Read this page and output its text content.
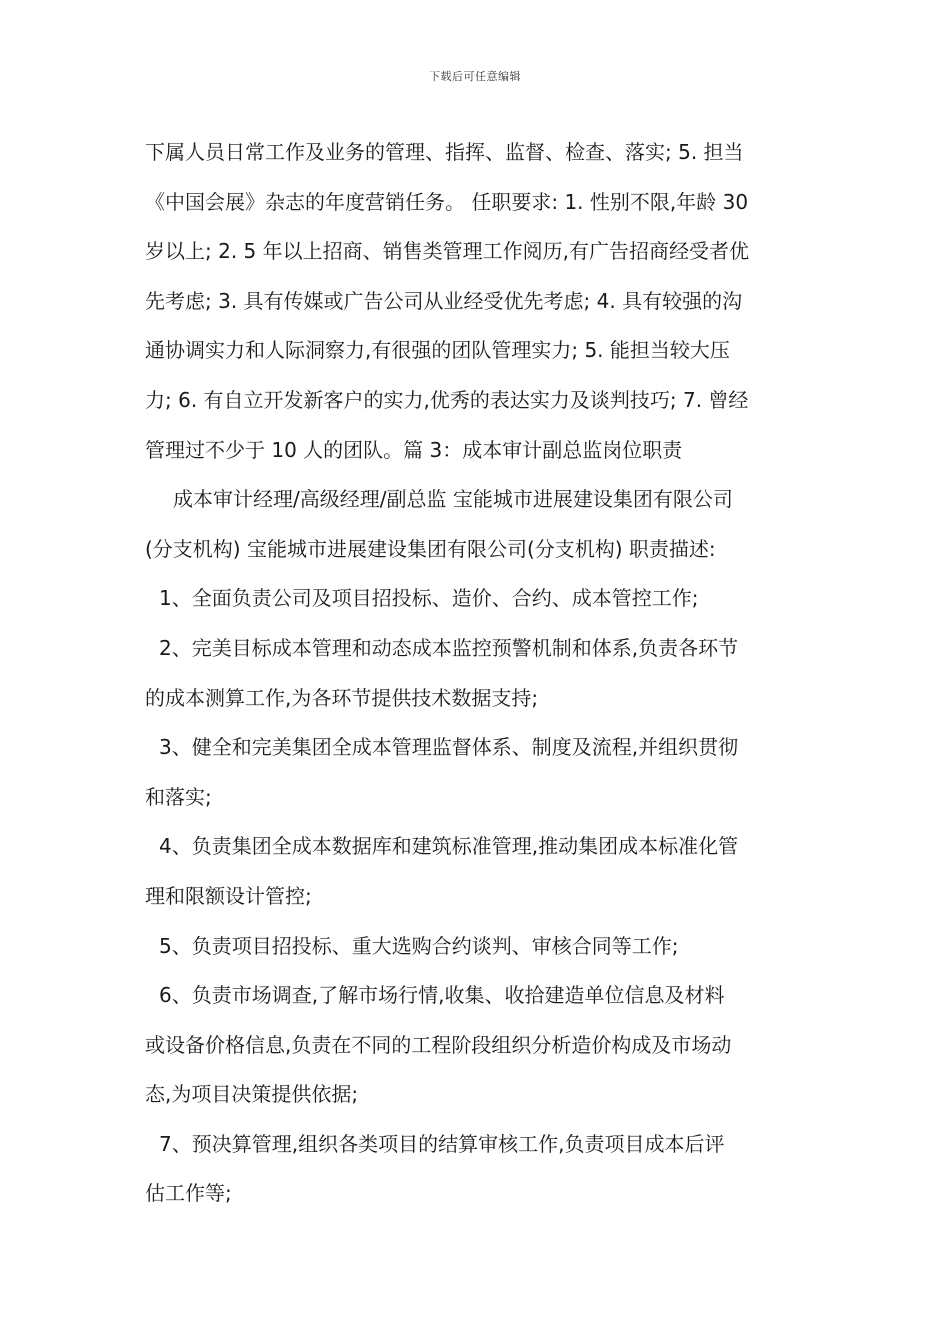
下载后可任意编辑
下属人员日常工作及业务的管理、指挥、监督、检查、落实; 5. 担当
《中国会展》杂志的年度营销任务。 任职要求: 1. 性别不限,年龄 30
岁以上; 2. 5 年以上招商、销售类管理工作阅历,有广告招商经受者优
先考虑; 3. 具有传媒或广告公司从业经受优先考虑; 4. 具有较强的沟
通协调实力和人际洞察力,有很强的团队管理实力; 5. 能担当较大压
力; 6. 有自立开发新客户的实力,优秀的表达实力及谈判技巧; 7. 曾经
管理过不少于 10 人的团队。篇 3：成本审计副总监岗位职责
成本审计经理/高级经理/副总监 宝能城市进展建设集团有限公司
(分支机构) 宝能城市进展建设集团有限公司(分支机构) 职责描述:
1、全面负责公司及项目招投标、造价、合约、成本管控工作;
2、完美目标成本管理和动态成本监控预警机制和体系,负责各环节
的成本测算工作,为各环节提供技术数据支持;
3、健全和完美集团全成本管理监督体系、制度及流程,并组织贯彻
和落实;
4、负责集团全成本数据库和建筑标准管理,推动集团成本标准化管
理和限额设计管控;
5、负责项目招投标、重大选购合约谈判、审核合同等工作;
6、负责市场调查,了解市场行情,收集、收拾建造单位信息及材料
或设备价格信息,负责在不同的工程阶段组织分析造价构成及市场动
态,为项目决策提供依据;
7、预决算管理,组织各类项目的结算审核工作,负责项目成本后评
估工作等;
